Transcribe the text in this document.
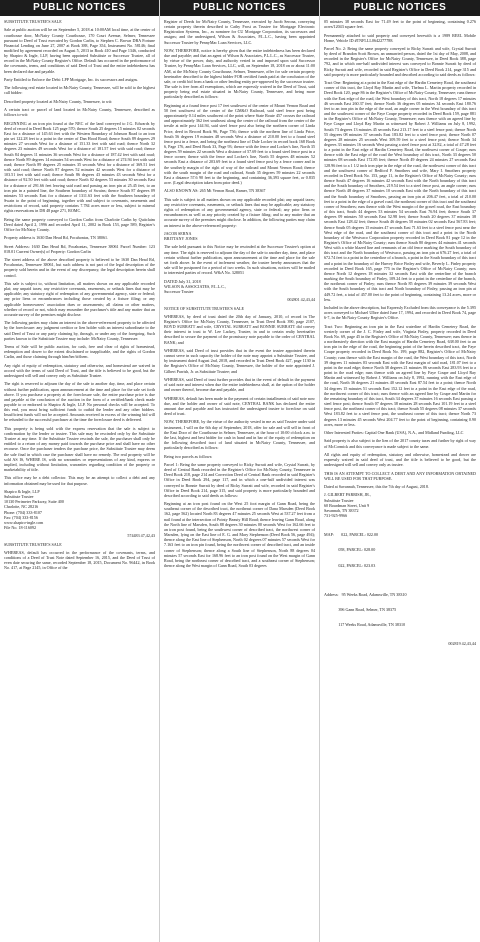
PUBLIC NOTICES

SUBSTITUTE TRUSTEE'S SALE

Sale at public auction will be on September 5, 2018 at 10:00AM local time, at the center of courthouse door, McNairy County Courthouse, 170 Court Avenue, Selmer, Tennessee pursuant to Deed of Trust executed by Gordon Carlin, to Stephen C. Brown DBA Fortune Financial Lending on June 27, 2007 at Book 388, Page 354, Instrument No. 58146; final modified by agreement recorded on August 5, 2013 in Book 410 and Page 1346, conducted by Shapiro & Ingle, LLP, having been appointed Substitute or Successor Trustee, all of record in the McNairy County Register's Office. Default has occurred in the performance of the covenants, terms, and conditions of said Deed of Trust and the entire indebtedness has been declared due and payable.

Party Entitled to Enforce the Debt: LPP Mortgage, Inc. its successors and assigns.

The following real estate located in McNairy County, Tennessee, will be sold to the highest call bidder:

Described property located at McNairy County, Tennessee, to wit:

A certain tract or parcel of land located in McNairy County, Tennessee, described as follows to-wit:

BEGINNING at an iron pin found at the NEC of the land conveyed to J.G. Edwards by deed of record in Deed Book 125 page 570; thence South 25 degrees 15 minutes 02 seconds East for a distance of 145.63 feet with the Western Boundary of Johnson Road to an iron pin set 122.28 feet to a point in the center of Dan Hood Road; thence South 89 degrees 29 minutes 27 seconds West for a distance of 151.33 feet with said road; thence North 32 degrees 23 minutes 49 seconds West for a distance of 181.57 feet with said road; thence South 84 degrees 11 minutes 36 seconds West for a distance of 187.42 feet with said road; thence North 89 degrees 14 minutes 54 seconds West for a distance of 274.94 feet with said road; thence North 89 degrees 25 minutes 35 seconds West for a distance of 369.51 feet with said road; thence North 87 degrees 52 minutes 42 seconds West for a distance of 103.51 feet with said road; thence South 86 degrees 43 minutes 43 seconds West for a distance of 92.50 feet with said road; thence North 02 degrees 53 minutes 30 seconds East for a distance of 291.66 feet leaving said road and passing an iron pin at 25.45 feet, to an iron pin in a painted line, the Southern boundary of Swains; thence South 87 degrees 09 minutes 53 seconds East for a distance of 1311.63 feet with the Southern boundary of Swain to the point of beginning, together with and subject to covenants, easements and restrictions of record, said property contains 7.784 acres more or less, subject to mineral rights reservations in DB 48 page 271, ROMC.

Being the same property conveyed to Gordon Carlin from Charlotte Carlin by Quitclaim Deed dated April 2, 1996 and recorded April 11, 2002 in Book 153, page 589, Register's Office for McNairy County.

Property address is 1630 Dan Head Rd, Pocahontas, TN 38061.

Street Address: 1630 Dan Head Rd, Pocahontas, Tennessee 38061 Parcel Number: 123 018.01 Current Owner(s) of Property: Gordon Carlin

The street address of the above described property is believed to be 1630 Dan Head Rd, Pocahontas, Tennessee 38061, but such address is not part of the legal description of the property sold herein and in the event of any discrepancy, the legal description herein shall control.

This sale is subject to, without limitation, all matters shown on any applicable recorded plat; any unpaid taxes; any restrictive covenants, easements, or setback lines that may be applicable; any statutory right of redemption of any governmental agency, state or federal; any prior liens or encumbrances including those created by a fixture filing; or any applicable homeowners' association dues or assessments; all claims or other matters, whether of record or not, which may encumber the purchaser's title and any matter that an accurate survey of the premises might disclose.

The following parties may claim an interest in the above-referenced property to be affected by the foreclosure: any judgment creditor or lien holder with an interest subordinate to the said Deed of Trust or any party claiming by, through, or under any of the foregoing. Such parties known to the Substitute Trustee may include: McNairy County, Tennessee.

Terms of Sale will be public auction, for cash, free and clear of rights of homestead, redemption and dower to the extent disclaimed or inapplicable, and the rights of Gordon Carlin, and those claiming through him/her/it/them.

Any right of equity of redemption, statutory and otherwise, and homestead are waived in accord with the terms of said Deed of Trust, and the title is believed to be good, but the undersigned will sell and convey only as Substitute Trustee.

The right is reserved to adjourn the day of the sale to another day, time, and place certain without further publication, upon announcement at the time and place for the sale set forth above. If you purchase a property at the foreclosure sale, the entire purchase price is due and payable at the conclusion of the auction in the form of a certified/bank check made payable to or endorsed to Shapiro & Ingle, LLP. No personal checks will be accepted. To this end, you must bring sufficient funds to outbid the lender and any other bidders. Insufficient funds will not be accepted. Amounts received in excess of the winning bid will be refunded to the successful purchaser at the time the foreclosure deed is delivered.

This property is being sold with the express reservation that the sale is subject to confirmation by the lender or trustee. This sale may be rescinded only by the Substitute Trustee at any time. If the Substitute Trustee rescinds the sale, the purchaser shall only be entitled to a return of any money paid towards the purchase price and shall have no other recourse. Once the purchaser tenders the purchase price, the Substitute Trustee may deem the sale final in which case the purchaser shall have no remedy. The real property will be sold AS IS, WHERE IS, with no warranties or representations of any kind, express or implied, including without limitation, warranties regarding condition of the property or marketability of title.

This office may be a debt collector. This may be an attempt to collect a debt and any information obtained may be used for that purpose.

Shapiro & Ingle, LLP

Substitute Trustee

10130 Perimeter Parkway, Suite 400

Charlotte, NC 28216

Phone: (704) 333-8107

Fax: (704) 333-8156

www.shapiro-ingle.com

File No. 18-116092

574483 47,42,43

SUBSTITUTE TRUSTEE'S SALE

WHEREAS, default has occurred in the performance of the covenants, terms, and conditions of a Deed of Trust Note dated September 16, 2015, and the Deed of Trust of even date securing the same, recorded September 18, 2015, Document No. 96442, in Book No. 417, at Page 2145, in Office of the

PUBLIC NOTICES

Register of Deeds for McNairy County, Tennessee, executed by Jacob Serona, conveying certain property therein described to Cathy Frost as Trustee for Mortgage Electronic Registration Systems, Inc., as nominee for CU Mortgage Corporation, its successors and assigns; and the undersigned, Wilson & Associates, P.L.L.C., having been appointed Successor Trustee by PennyMac Loan Services, LLC.

NOW, THEREFORE, notice is hereby given that the entire indebtedness has been declared due and payable; and that an agent of Wilson & Associates, P.L.L.C., as Successor Trustee, by virtue of the power, duty, and authority vested in and imposed upon said Successor Trustee, by PennyMac Loan Services, LLC, will, on September 18, 2018 on or about 11:00 AM, at the McNairy County Courthouse, Selmer, Tennessee, offer for sale certain property hereinafter described to the highest bidder FOR certified funds paid at the conclusion of the sale, or credit bid from a bank or other lending entity pre-approved by the successor trustee. The sale is free from all exemptions, which are expressly waived in the Deed of Trust, said property being real estate situated in McNairy County, Tennessee, and being more particularly described as follows:

Beginning at a found fence post 17 feet southwest of the center of Mount Vernon Road and 50 feet southwest of the center of the GM&O Railroad, said steel fence post being approximately 0.14 miles southwest of the point where State Route 457 crosses the railroad and approximately 362 feet southeast along the center of the railroad from the center of the trestle at mile post 144.94, said steel fence post also being the northern corner of Linda Price, deed in Record Book 96, Page 756; thence with the northern line of Linda Price, South 56 degrees 19 minutes 48 seconds West a distance of 210.00 feet to a found steel fence post in a fence, and being the northeast line of Dale Locker in record book 168 Book 6, Page 176, and Deed Book 33, Page 93; thence with the fence and Locker's line, North 35 degrees 59 minutes 22 seconds West a distance of 57.69 feet to a found steel fence post in a fence corner; thence with the fence and Locker's line, North 55 degrees 48 minutes 52 seconds East a distance of 203.69 feet to a found steel fence post by a fence corner and in the southerly margin of the right of way of the railroad and Mount Vernon Road; thence with the south margin of the road and railroad, South 35 degrees 59 minutes 22 seconds East a distance 57.6 90 feet to the beginning, and containing 36,393 square feet, or 0.835 acre. (Legal description taken from prior deed.)

ALSO KNOWN AS: 265 Mt Vernon Road, Ramer, TN 38367

This sale is subject to all matters shown on any applicable recorded plat; any unpaid taxes; any restrictive covenants, easements, or setback lines that may be applicable; any statutory rights of redemption of any governmental agency, state or federal; any prior liens or encumbrances as well as any priority created by a fixture filing; and to any matter that an accurate survey of the premises might disclose. In addition, the following parties may claim an interest in the above-referenced property:

JACOB SERNA

BRITTANY JONES

The sale held pursuant to this Notice may be rescinded at the Successor Trustee's option at any time. The right is reserved to adjourn the day of the sale to another day, time, and place certain without further publication, upon announcement at the time and place for the sale set forth above. In the event of inclement weather, the trustee hereby announces that the sale will be postponed for a period of two weeks. In such situations, notices will be mailed to interested parties of record. W&A No. 328051

DATED July 31, 2018

WILSON & ASSOCIATES, P.L.L.C.,

Successor Trustee

002801 42,43,44

NOTICE OF SUBSTITUTE TRUSTEE'S SALE

WHEREAS, by deed of trust dated the 20th day of January, 2010, of record in The Register's Office for McNairy County, Tennessee, in Trust Deed Book 390, page 2107, BOYD SURRATT and wife, CRYSTAL SURRATT and BONNIE SURRATT did convey their interest in trust to W. Lee Lackey, Trustee, in and to certain realty hereinafter described to secure the payment of the promissory note payable to the order of CENTRAL BANK; and

WHEREAS, said Deed of trust provides that in the event the trustee appointed therein cannot serve in such capacity the holder of the note may appoint a Substitute Trustee, and by instrument dated August 2nd, 2018, and recorded in Trust Deed Book 427, page 1130 in the Register's Office of McNairy County, Tennessee, the holder of the note appointed J. Gilbert Parrish, Jr. as Substitute Trustee; and

WHEREAS, said Deed of trust further provides that in the event of default in the payment of said note and interest when due the entire indebtedness shall, at the option of the holder and owner thereof, become due and payable, and

WHEREAS, default has been made in the payment of certain installments of said note now due, and the holder and owner of said note, CENTRAL BANK has declared the entire amount due and payable and has instructed the undersigned trustee to foreclose on said deed of trust.

NOW, THEREFORE, by the virtue of the authority vested in me as said Trustee under said instrument, I will on the 6th day of September, 2018, offer for sale and will sell in front of the East Door of the Courthouse in Selmer, Tennessee, at the hour of 10:00 o'clock a.m. to the last, highest and best bidder for cash in hand and in bar of the equity of redemption on the following described tract of land situated in McNairy County, Tennessee, and particularly described as follows:

Being two parcels as follows:

Parcel 1: Being the same property conveyed to Ricky Surratt and wife, Crystal Surratt, by deed of Central Bank recorded in the Register's Office for McNairy County, Tennessee in Deed Book 218, page 214 and Correction Deed of Central Bank recorded in said Register's Office in Deed Book 294, page 117, and in which a one-half undivided interest was conveyed to Bonnie Surratt by deed of Ricky Surratt and wife, recorded in said Register's Office in Deed Book 214, page 315, and said property is more particularly bounded and described according to said deeds as follows:

Beginning at an iron post found on the West 25 foot margin of Gann Road, being the southeast corner of the described tract, the northeast corner of Dana Marsden (Deed Book 162, page 562) located North 83 degrees 47 minutes 25 seconds West at 537.27 feet from a nail found at the intersection of Pointy Beauty Hill Road; thence leaving Gann Road, along the North line of Marsden, South 88 degrees 30 minutes 00 seconds West for 162.66 feet to an iron post found, being the southwest corner of described tract, the northwest corner of Marsden, lying on the East line of E. G. and Mary Stephenson (Deed Book 56, page 494); thence along the East line of Stephenson, North 02 degrees 07 minutes 57 seconds West for 7.163 feet to an iron pin found, being the northwest corner of described tract, and an inside corner of Stephenson; thence along a South line of Stephenson, North 88 degrees 04 minutes 57 seconds East for 168.96 feet to an iron post found on the West margin of Gann Road, being the northeast corner of described tract, and a southeast corner of Stephenson; thence along the West margin of Gann Road, South 03 degrees

PUBLIC NOTICES

05 minutes 38 seconds East for 71.49 feet to the point of beginning, containing 0.276 acres/12043 square feet.

Permanently attached to said property and conveyed herewith is a 1989 REEL Mobile Home, Vehicle ID #TNFLLL0642277788.

Parcel No. 2: Being the same property conveyed to Ricky Surratt and wife, Crystal Surratt by deed of Brandon Scott Brown, an unmarried person, dated the 1st day of May, 2008, and recorded in the Register's Office for McNairy County, Tennessee, in Deed Book 388, page 792, and in which one-half undivided interest was conveyed to Bonnie Surratt by deed of Ricky Surratt and wife, recorded in said Register's Office in Deed Book 214, page 315 and said property is more particularly bounded and described according to said deeds as follows:

Tract One: Beginning at a point in the East edge of the Hardin Cemetery Road, the southeast corner of this tract, the Lloyd Ray Martin and wife, Thelma L. Martin property recorded in Deed Book 120, page 86 in the Register's Office of McNairy County, Tennessee; runs thence with the East edge of the road, the West boundary of this tract, North 18 degrees 17 minutes 46 seconds East 260.37 feet; thence North 36 degrees 05 minutes 34 seconds East 180.76 feet to an iron pin in the edge of the road, an angle corner in the West boundary of this tract and the southwest corner of the Faye Coupe property recorded in Deed Book 159, page 881 in the Register's Office of McNairy County, Tennessee; runs thence with an agreed line by Faye Coupe and Lloyd Ray Martin as witnessed by Robert J. Williams on July 8, 1992, South 73 degrees 13 minutes 45 seconds East 213.17 feet to a steel fence post; thence North 55 degrees 08 minutes 37 seconds East 183.82 feet to a steel fence post; thence North 07 degrees 28 minutes 25 seconds West 309.59 feet to a steel fence post; thence North 34 degrees 33 minutes 16 seconds West passing a steel fence post at 32.82, a total of 47.28 feet to a point in the East edge of Hardin Cemetery Road, the northwest corner of Coupe; runs thence with the East edge of the road the West boundary of this tract, North 33 degrees 50 minutes 08 seconds East 172.85 feet; thence North 49 degrees 24 minutes 27 seconds East 128.96 feet to a 1 1/2 inch iron pipe in the edge of the road, the northwest corner of this tract and the southwest corner of Bedford F. Smothers and wife, Mary I. Smothers property recorded in Deed Book No. 153, page 11, in the Register's Office of McNairy County; runs thence South 47 degrees 16 minutes 42 seconds East with the North boundary of this tract and the South boundary of Smothers, 219.54 feet to a steel fence post, an angle corner; runs thence North 48 degrees 37 minutes 10 seconds East with the North boundary of this tract and the South boundary of Smothers, passing an iron pin at 206.47 feet, a total of 210.00 feet to a point in the edge of a gravel road, the northeast corner of this tract and the southeast corner of Smothers; runs thence with the West margin of the gravel road, the East boundary of this tract, South 44 degrees 53 minutes 54 seconds East 76.94 feet; thence South 37 degrees 09 minutes 50 seconds East 52.98 feet; thence South 20 degrees 37 minutes 38 seconds East 128.42 feet; thence South 46 degrees 50 minutes 02 seconds East 567.83 feet; thence South 05 degrees 15 minutes 47 seconds East 71.63 feet to a steel fence post near the West edge of the road, and the southeast corner of this tract and a point in the North boundary of the Westvaco Corporation property recorded in Deed Book 81 page 12 in the Register's Office of McNairy County; runs thence South 80 degrees 44 minutes 41 seconds West with a white blazed line and remnants of an old fence marking the South boundary of this tract and the North boundary of Westvaco, passing an iron pin at 676.27 feet, a total of 672.74 feet to a point in the centerline of a branch, a point in the South boundary of this tract and a point in the boundary of the Harvey Brice Finley and wife, Beverly L. Finley property recorded in Deed Book 165, page 775 in the Register's Office of McNairy County; runs thence North 12 degrees 18 minutes 32 seconds East with the centerline of the branch marking the South boundary of Finley, 109.24 feet to a point in the centerline of the branch, the northeast corner of Finley; runs thence North 85 degrees 39 minutes 39 seconds West with the South boundary of this tract and North boundary of Finley, passing an iron pin at 449.72 feet, a total of 457.00 feet to the point of beginning, containing 13.24 acres, more or less.

Included in the above description, but Expressly Excluded from this conveyance is the 5.395 acres conveyed to Michael Ulbre dated June 17, 1994, and recorded in Deed Book 74, page 6-7, in the McNairy County Register's Office.

Tract Two: Beginning an iron pin in the East waterline of Hardin Cemetery Road, the westerly corner of the J. C. Finley and wife, Virginia Finley, property recorded in Deed Book No. 69, page 45 in the Register's Office of McNairy County, Tennessee; runs thence in a northeasterly direction with the East margin of Hardin Cemetery Road, 638.00 feet to an iron pin in the edge of the road, the beginning point of the herein described tract, the Faye Coupe property recorded in Deed Book No. 199, page 882, Register's Office of McNairy County; runs thence with the East margin of the road, the West boundary of this tract, North 39 degrees 11 minutes 03 seconds East with the East margin of said road, 181.07 feet to a point in the road edge; thence North 38 degrees 21 minutes 06 seconds East 283.93 feet to a point in the road edge; runs thence with an agreed line by Faye Coupe and Lloyd Ray Martin and witnessed by Robert J. Williams on July 8, 1992, running with the East edge of the road, North 36 degrees 21 minutes 40 seconds East 87.54 feet to a point; thence North 34 degrees 15 minutes 51 seconds East 152.12 feet to a point in the East edge of the road, the northwest corner of this tract; runs thence with an agreed line by Coupe and Martin for the remaining boundary of this tract, South 34 degrees 37 minutes 16 seconds East passing a steel fence post; thence South 07 degrees 38 minutes 28 seconds East 101.19 feet to a steel fence post, the northeast corner of this tract; thence South 55 degrees 08 minutes 37 seconds West 183.82 feet to a steel fence post, the southeast corner of this tract; thence North 73 degrees 13 minutes 45 seconds West 204.77 feet to the point of beginning, containing 0.90 acres, more or less.

Other Interested Parties: Capital One Bank (USA), N.A., and Midland Funding, LLC

Said property is also subject to the lien of the 2017 county taxes and further by right of way of McCormick and this conveyance is made subject to the same.

All rights and equity of redemption, statutory and otherwise, homestead and dower are expressly waived in said deed of trust, and the title is believed to be good, but the undersigned will sell and convey only as trustee.

THIS IS AN ATTEMPT TO COLLECT A DEBT AND ANY INFORMATION OBTAINED WILL BE USED FOR THAT PURPOSE.

Dated at Savannah, Tennessee, this the 7th day of August, 2018.

J. GILBERT PARRISH, JR.,

Substitute Trustee

60 Boardman Street, Unit 9

Savannah, TN 38372

731-925-9966

MAP:       022, PARCEL: 022.00

058, PARCEL: 028.00

022, PARCEL: 023.03

Address:   95 Weeks Road, Adamsville, TN 38310

396 Gann Road, Selmer, TN 38375

117 Weeks Road, Adamsville, TN 38310

002819 42,43,44
